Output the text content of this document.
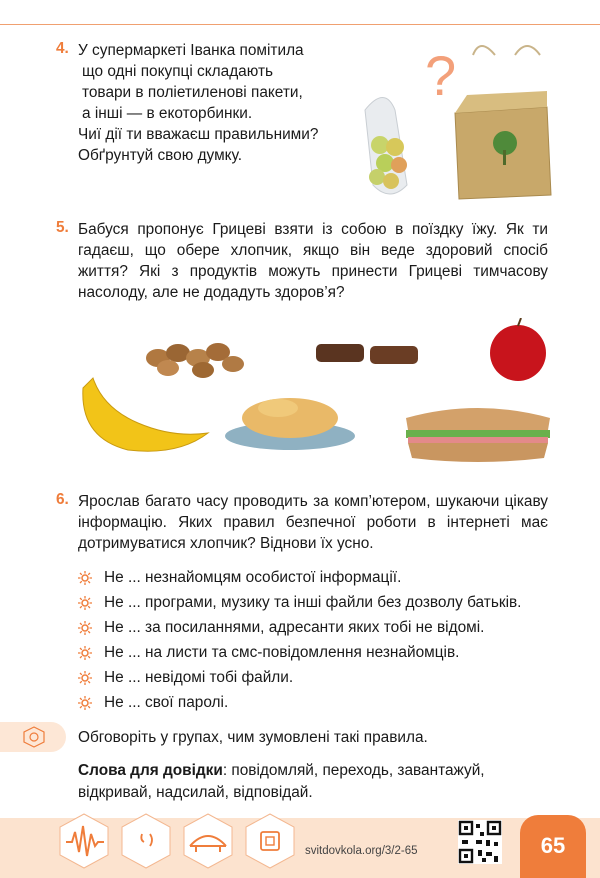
4. У супермаркеті Іванка помітила
що одні покупці складають
товари в поліетиленові пакети,
а інші — в екоторбинки.
Чиї дії ти вважаєш правильними?
Обґрунтуй свою думку.
?
5. Бабуся пропонує Грицеві взяти із собою в поїздку їжу. Як ти гадаєш, що обере хлопчик, якщо він веде здоровий спосіб життя? Які з продуктів можуть принести Грицеві тимчасову насолоду, але не додадуть здоров’я?
6. Ярослав багато часу проводить за комп’ютером, шукаючи цікаву інформацію. Яких правил безпечної роботи в інтернеті має дотримуватися хлопчик? Віднови їх усно.
Не ... незнайомцям особистої інформації.
Не ... програми, музику та інші файли без дозволу батьків.
Не ... за посиланнями, адресанти яких тобі не відомі.
Не ... на листи та смс-повідомлення незнайомців.
Не ... невідомі тобі файли.
Не ... свої паролі.
Обговоріть у групах, чим зумовлені такі правила.
Слова для довідки: повідомляй, переходь, завантажуй, відкривай, надсилай, відповідай.
svitdovkola.org/3/2-65	65
